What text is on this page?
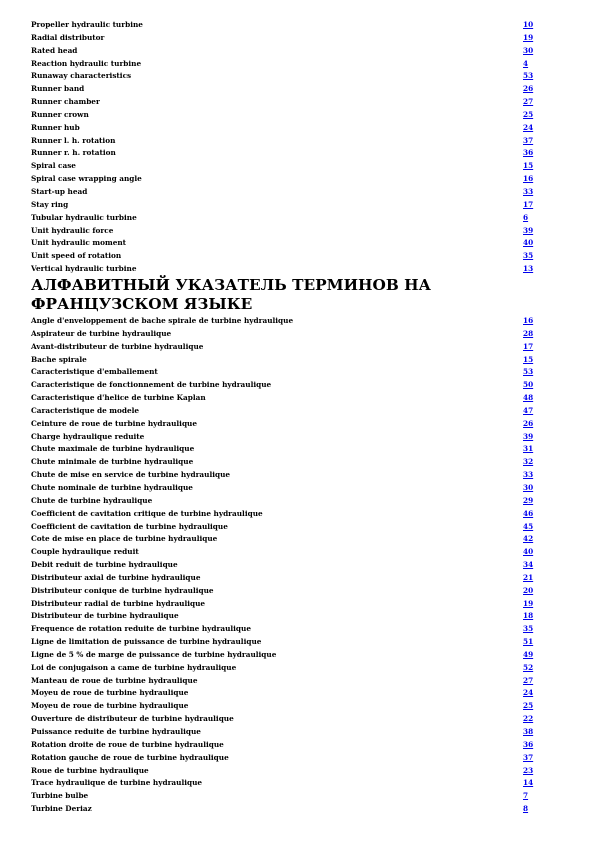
Propeller hydraulic turbine	10
Radial distributor	19
Rated head	30
Reaction hydraulic turbine	4
Runaway characteristics	53
Runner band	26
Runner chamber	27
Runner crown	25
Runner hub	24
Runner l. h. rotation	37
Runner r. h. rotation	36
Spiral case	15
Spiral case wrapping angle	16
Start-up head	33
Stay ring	17
Tubular hydraulic turbine	6
Unit hydraulic force	39
Unit hydraulic moment	40
Unit speed of rotation	35
Vertical hydraulic turbine	13
АЛФАВИТНЫЙ УКАЗАТЕЛЬ ТЕРМИНОВ НА ФРАНЦУЗСКОМ ЯЗЫКЕ
Angle d'enveloppement de bache spirale de turbine hydraulique	16
Aspirateur de turbine hydraulique	28
Avant-distributeur de turbine hydraulique	17
Bache spirale	15
Caracteristique d'emballement	53
Caracteristique de fonctionnement de turbine hydraulique	50
Caracteristique d'helice de turbine Kaplan	48
Caracteristique de modele	47
Ceinture de roue de turbine hydraulique	26
Charge hydraulique reduite	39
Chute maximale de turbine hydraulique	31
Chute minimale de turbine hydraulique	32
Chute de mise en service de turbine hydraulique	33
Chute nominale de turbine hydraulique	30
Chute de turbine hydraulique	29
Coefficient de cavitation critique de turbine hydraulique	46
Coefficient de cavitation de turbine hydraulique	45
Cote de mise en place de turbine hydraulique	42
Couple hydraulique reduit	40
Debit reduit de turbine hydraulique	34
Distributeur axial de turbine hydraulique	21
Distributeur conique de turbine hydraulique	20
Distributeur radial de turbine hydraulique	19
Distributeur de turbine hydraulique	18
Frequence de rotation reduite de turbine hydraulique	35
Ligne de limitation de puissance de turbine hydraulique	51
Ligne de 5 % de marge de puissance de turbine hydraulique	49
Loi de conjugaison a came de turbine hydraulique	52
Manteau de roue de turbine hydraulique	27
Moyeu de roue de turbine hydraulique	24
Moyeu de roue de turbine hydraulique	25
Ouverture de distributeur de turbine hydraulique	22
Puissance reduite de turbine hydraulique	38
Rotation droite de roue de turbine hydraulique	36
Rotation gauche de roue de turbine hydraulique	37
Roue de turbine hydraulique	23
Trace hydraulique de turbine hydraulique	14
Turbine bulbe	7
Turbine Deriaz	8
